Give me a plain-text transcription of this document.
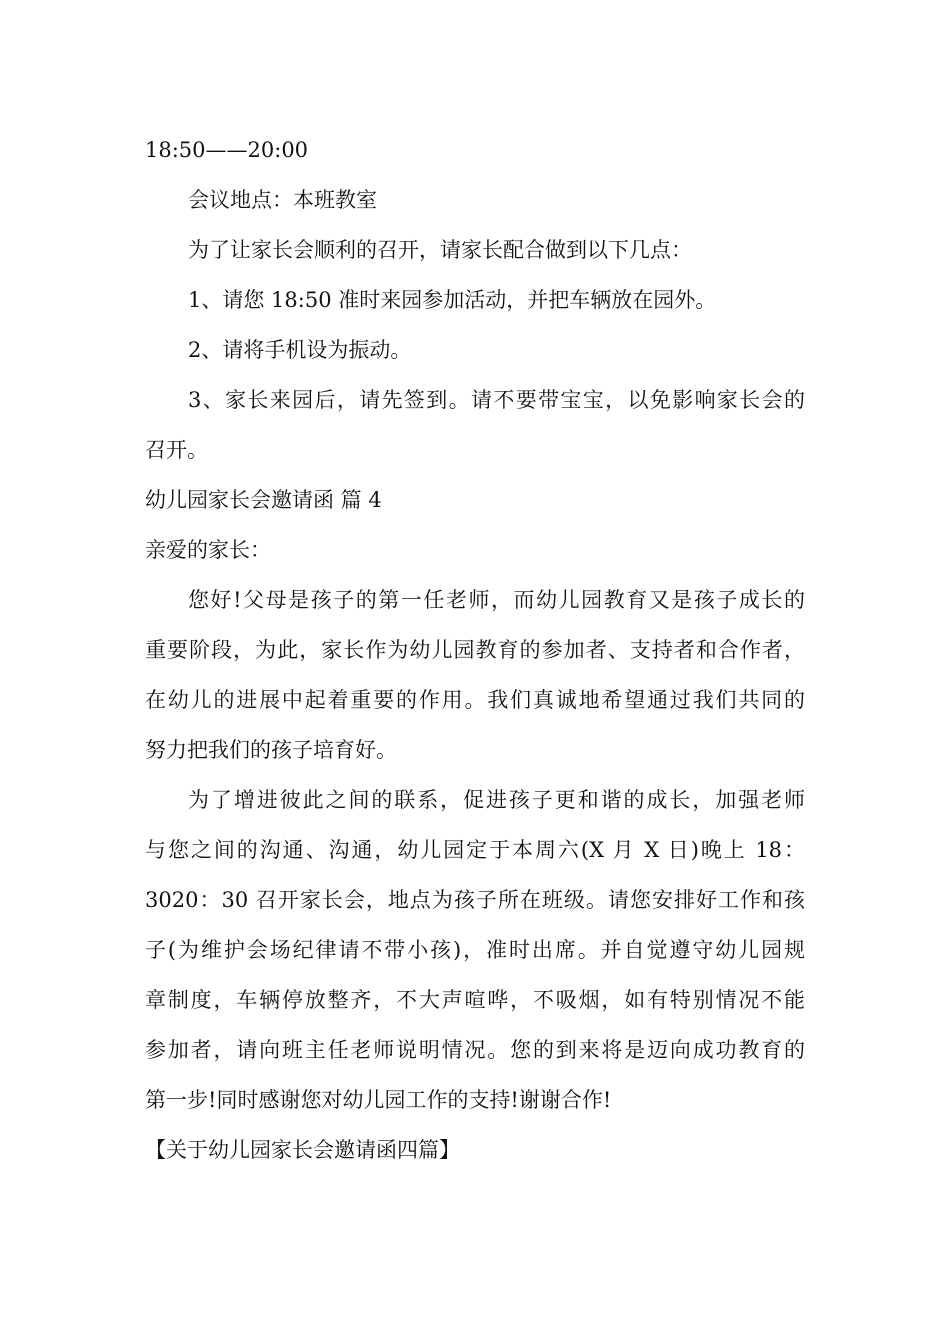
18:50——20:00
会议地点：本班教室
为了让家长会顺利的召开，请家长配合做到以下几点：
1、请您 18:50 准时来园参加活动，并把车辆放在园外。
2、请将手机设为振动。
3、家长来园后，请先签到。请不要带宝宝，以免影响家长会的
召开。
幼儿园家长会邀请函 篇 4
亲爱的家长：
您好!父母是孩子的第一任老师，而幼儿园教育又是孩子成长的
重要阶段，为此，家长作为幼儿园教育的参加者、支持者和合作者，
在幼儿的进展中起着重要的作用。我们真诚地希望通过我们共同的
努力把我们的孩子培育好。
为了增进彼此之间的联系，促进孩子更和谐的成长，加强老师
与您之间的沟通、沟通，幼儿园定于本周六(X 月 X 日)晚上 18：
3020：30 召开家长会，地点为孩子所在班级。请您安排好工作和孩
子(为维护会场纪律请不带小孩)，准时出席。并自觉遵守幼儿园规
章制度，车辆停放整齐，不大声喧哗，不吸烟，如有特别情况不能
参加者，请向班主任老师说明情况。您的到来将是迈向成功教育的
第一步!同时感谢您对幼儿园工作的支持!谢谢合作!
【关于幼儿园家长会邀请函四篇】
